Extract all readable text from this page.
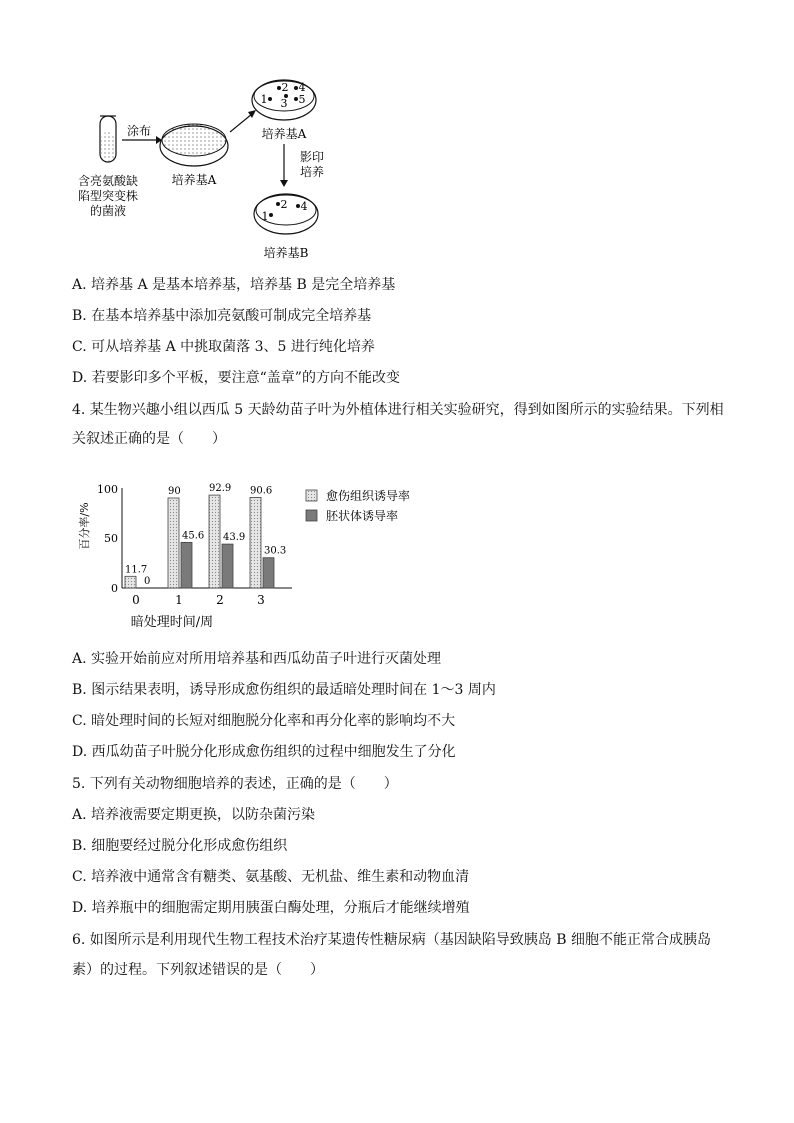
含亮氨酸缺
陷型突变株
的菌液
涂布
培养基A
1
2
3
4
5
培养基A
影印
培养
1
2 4
培养基B
A. 培养基 A 是基本培养基，培养基 B 是完全培养基
B. 在基本培养基中添加亮氨酸可制成完全培养基
C. 可从培养基 A 中挑取菌落 3、5 进行纯化培养
D. 若要影印多个平板，要注意“盖章”的方向不能改变
4. 某生物兴趣小组以西瓜 5 天龄幼苗子叶为外植体进行相关实验研究，得到如图所示的实验结果。下列相
关叙述正确的是（　　）
百分率/%
0
50
100
11.7
0
90
45.6
92.9
43.9
90.6
30.3
0	1	2	3
暗处理时间/周
愈伤组织诱导率
胚状体诱导率
A. 实验开始前应对所用培养基和西瓜幼苗子叶进行灭菌处理
B. 图示结果表明，诱导形成愈伤组织的最适暗处理时间在 1～3 周内
C. 暗处理时间的长短对细胞脱分化率和再分化率的影响均不大
D. 西瓜幼苗子叶脱分化形成愈伤组织的过程中细胞发生了分化
5. 下列有关动物细胞培养的表述，正确的是（　　）
A. 培养液需要定期更换，以防杂菌污染
B. 细胞要经过脱分化形成愈伤组织
C. 培养液中通常含有糖类、氨基酸、无机盐、维生素和动物血清
D. 培养瓶中的细胞需定期用胰蛋白酶处理，分瓶后才能继续增殖
6. 如图所示是利用现代生物工程技术治疗某遗传性糖尿病（基因缺陷导致胰岛 B 细胞不能正常合成胰岛
素）的过程。下列叙述错误的是（　　）
